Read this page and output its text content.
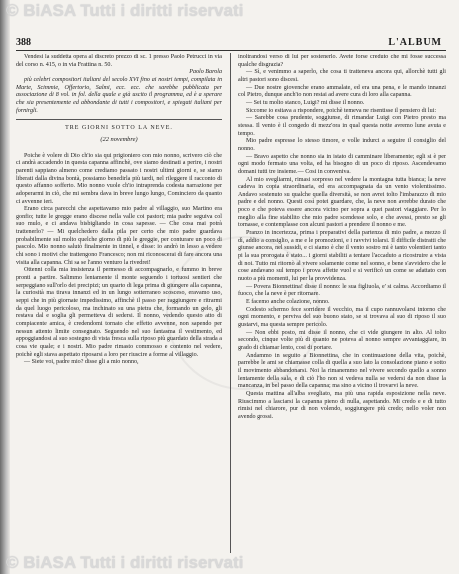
© BiASA Tutti i diritti riservati
388	L'ALBUM

Vendesi la suddetta opera al discreto prezzo di sc. 1 presso Paolo Petrucci in via del corso n. 415, o in via Frattina n. 50.

Paolo Barola

più celebri compositori italiani del secolo XVI fino ai nostri tempi, compilata in Marte, Scimmie, Offertorio, Salmi, ecc. ecc. che sarebbe pubblicata per associazione di 8 vol. in fol. della quale e già uscito il programma, ed è a sperare che sia presentemente ed abbondante di tutti i compositori, e spiegati italiani per fornirgli.

TRE GIORNI SOTTO LA NEVE.
(22 novembre)

Poiche è volere di Dio ch'io sia qui prigioniero con mio nonno, scrivero ciò che ci andrà accadendo in questa capanna affinchè, ove siamo destinati a perire, i nostri parenti sappiano almeno come crediamo passato i nostri ultimi giorni e, se siamo liberati dalla divina bontà, possiamo benedirla più tardi, nel rileggere il racconto di questo affanno sofferto. Mio nonno vuole ch'io intraprenda codesta narrazione per adoperarmi in ciò, che mi sembra dava in breve lungo lungo, Cominciero da quanto ci avvenne ieri.

Erano circa parecchi che aspettavamo mio padre al villaggio, suo Martino era gonfio; tutte le gregge erano discese nella valle coi pastori; mia padre seguiva col suo mulo, e ci andava bisbigliando in cosa sapesse. — Che cosa mai potrà trattenerlo? — Mi quelchedero dalla pila per certo che mio padre guardava probabilmente sul molto quelche giorno di più le greggie, per conturare un poco di pascolo. Mio nonno salutò finalmente in tinnel, e disse: io andrò in lesso a vedere chi sono i motivi che trattengono Francesco; non mi riconoscerai di fare ancora una visita alla capanna. Chi sa se l'anno venturo la rivedrei!

Ottenni colla mia insistenza il permesso di accompagnarlo, e fummo in breve pronti a partire. Salimmo lentamente il monte seguendo i tortuosi sentieri che serpeggiano sull'orlo dei precipizi; un quarto di lega prima di giungere alla capanna, la curiosità ma tirava innanzi ed in un lungo sotterraneo scosceso, eravamo uso, seppi che in più giornate impedissimo, affinchè il passo per raggiungere e ritrarmi da quel luogo pericoloso, ma inchinato su una pietra che, formando un gelo, gli restava dal e soglia gli permetteva di sedersi. Il nonno, vedendo questo atto di compiacente amica, è credendomi tornato che effetto avvenne, non sapendo per nessun attento limite consegnato. Seguendo nel suo fantasma il vestimento, ed appoggiandosi al suo sostegno di vista fresca sulla riposo più guardato della strada a cosa vie quale; e i nostri. Mio padre rimasto commosso e contento nel vedere, poichè egli stava aspettato riposarsi a loro per riuscire a forme al villaggio.

— Siete voi, padre mio? disse gli a mio nonno,

inoltrandosi verso di lui per sostenerlo. Avete forse creduto che mi fosse successa qualche disgrazia?

— Sì, e venimmo a saperlo, che cosa ti tratteneva ancora qui, allorchè tutti gli altri pastori sono discesi.

— Due nostre giovenche erano ammalate, ed era una pena, e le mando innanzi col Pietro, dunque anch'io non restai ad avere cura di loro alla capanna.

— Sei tu molto stanco, Luigi? mi disse il nonno.

Siccome io esitava a rispondere, poichè temeva ne risentisse il pensiero di lui:

— Sarebbe cosa prudente, soggiunse, di rimandar Luigi con Pietro presto ma stessa. Il vento è il congedo di mezz'ora in qual questa notte avremo lune avuta e tempo.

Mio padre espresse lo stesso timore, e volle indurci a seguire il consiglio del nonno.

— Bravo aspetto che nonno sia in istato di camminare liberamente; egli si è per ogni modo fermato una volta, ed ha bisogno di un poco di riposo. Ascendevamo domani tutti tre insieme.— Cosi in conveniva.

Al mio svegliarmi, rimasi sorpreso nel vedere la montagna tutta bianca; la neve cadeva in copia straordinaria, ed era accompagnata da un vento violentissimo. Andavo sostenuto su qualche quella diversità, se non avrei tolto l'imbarazzo di mio padre e del nonno. Questi così potei guardare, che, la neve non avrebbe durato che poco e che poteva essere ancora vicino per sopra a quei pastori viaggiare. Per lo meglio alla fine stabilito che mio padre scendesse solo, e che avessi, presto se gli tornasse, e contemplasse con alcuni pastori a prendere il nonno e me.

Pranzo in incertezza, prima i preparativi della partenza di mio padre, a mezzo il dì, addio a consiglio, a me e le promozioni, e i ravvivi tolarsi. Il difficile distratti che giunse ancora, nel sussidi, e ci siamo è che il vento sostro mi è tanto volentieri tanto pi la sua prorogata è stato... i giorni stabiliti a tentare l'accaduto a ricostruire a vista di noi. Tutto mi ritornò al vivere solamente come nel sonno, e bene s'avvidero che le cose andavano sul tempo i prova affette vuol e si verificò un come se adattato con nuoto a più momenti, lui per la provvidenza.

— Povera Bionnettina! disse il nonno: le sua figliuola, e' si calma. Accordiamo il fuoco, che la neve è per ritornare.

E facemo anche colazione, nonno.

Codesto schermo fece sorridere il vecchio, ma il cupo rannuvolarsi intorno che ogni momento, e perviva del suo buono stato, se si trovava al suo di riposo il suo gustarvi, ma questa sempre pericolo.

— Non ebbi posto, mi disse il nonno, che ci vide giungere in alto. Al tolto secondo, cinque volte più di quanto ne poteva al nonno sempre avvantaggiare, in grado di chiamar lento, cosi di portare.

Andammo in seguito a Bionnettina, che in continuazione della vita, poichè, parrebbe le ami se chiamasse colla di quella a suo lato la consolazione piano e sotto il movimento abbandonarsi. Noi la rimanemmo nel vivere secondo quello a sonno lentamente della sala, e di ciò l'ho non si vedeva nulla se vedersi da non disse la mancanza, in bel passo della capanna; ma sino a vicino il trovarvi la neve.

Questa mattina all'alba svegliato, ma più una rapida esposizione nella neve. Riuscimmo a lasciarsi la capanna pieno di nulla, aspettando. Mi credo e e di tutto rimisi nel chiarore, pur di non volendo, soggiungere più credo; nello voler non avendo grossi.

© BiASA Tutti i diritti riservati
